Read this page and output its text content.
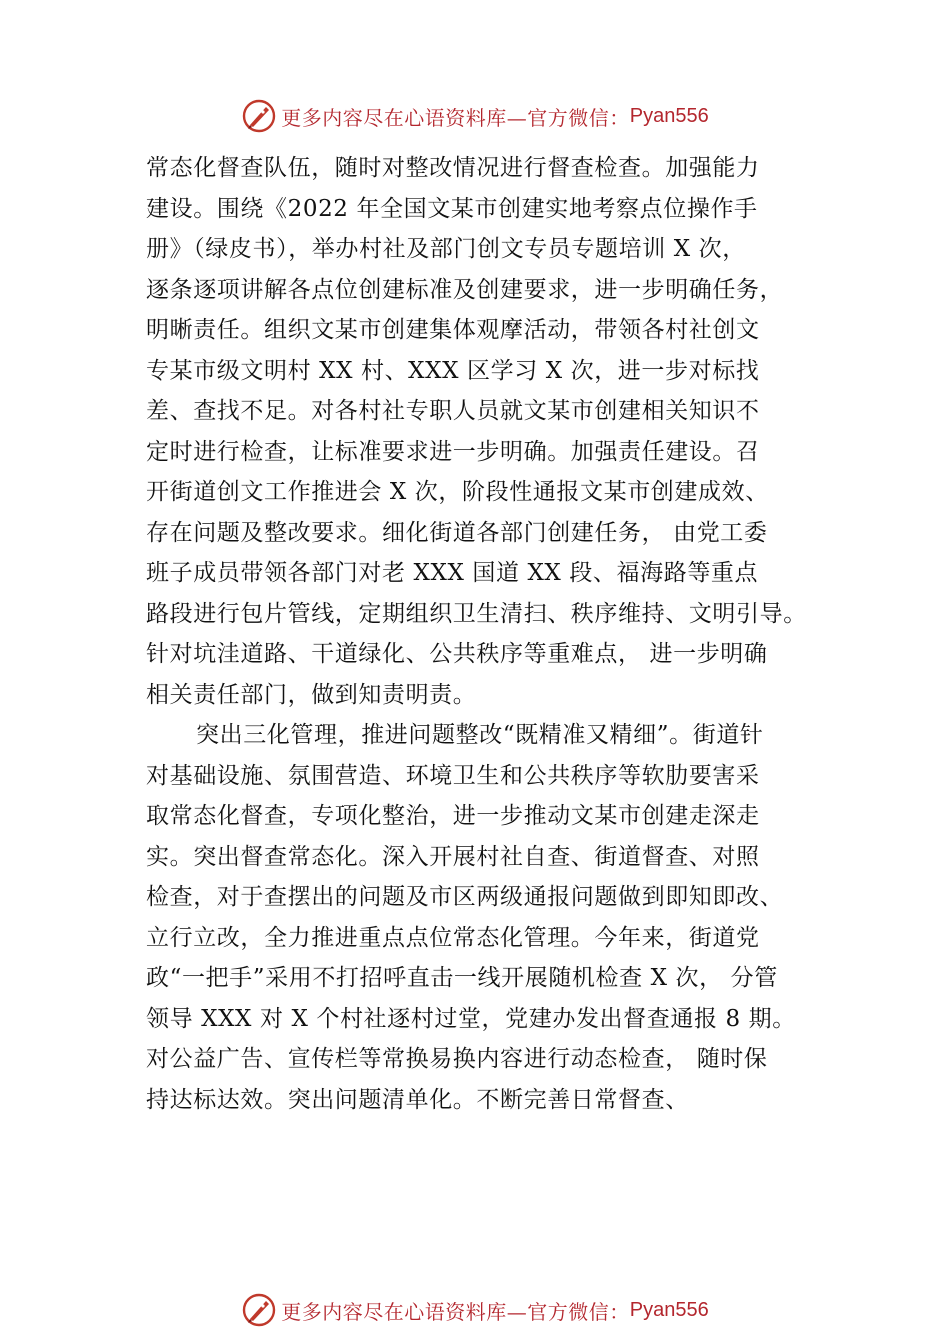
更多内容尽在心语资料库—官方微信： Pyan556
常态化督查队伍，随时对整改情况进行督查检查。加强能力
建设。围绕《2022 年全国文某市创建实地考察点位操作手
册》（绿皮书），举办村社及部门创文专员专题培训 X 次，
逐条逐项讲解各点位创建标准及创建要求，进一步明确任务，
明晰责任。组织文某市创建集体观摩活动，带领各村社创文
专某市级文明村 XX 村、XXX 区学习 X 次，进一步对标找
差、查找不足。对各村社专职人员就文某市创建相关知识不
定时进行检查，让标准要求进一步明确。加强责任建设。召
开街道创文工作推进会 X 次，阶段性通报文某市创建成效、
存在问题及整改要求。细化街道各部门创建任务， 由党工委
班子成员带领各部门对老 XXX 国道 XX 段、福海路等重点
路段进行包片管线，定期组织卫生清扫、秩序维持、文明引导。
针对坑洼道路、干道绿化、公共秩序等重难点， 进一步明确
相关责任部门，做到知责明责。
突出三化管理，推进问题整改“既精准又精细”。街道针
对基础设施、氛围营造、环境卫生和公共秩序等软肋要害采
取常态化督查，专项化整治，进一步推动文某市创建走深走
实。突出督查常态化。深入开展村社自查、街道督查、对照
检查，对于查摆出的问题及市区两级通报问题做到即知即改、
立行立改，全力推进重点点位常态化管理。今年来，街道党
政“一把手”采用不打招呼直击一线开展随机检查 X 次， 分管
领导 XXX 对 X 个村社逐村过堂，党建办发出督查通报 8 期。
对公益广告、宣传栏等常换易换内容进行动态检查， 随时保
持达标达效。突出问题清单化。不断完善日常督查、
更多内容尽在心语资料库—官方微信： Pyan556
